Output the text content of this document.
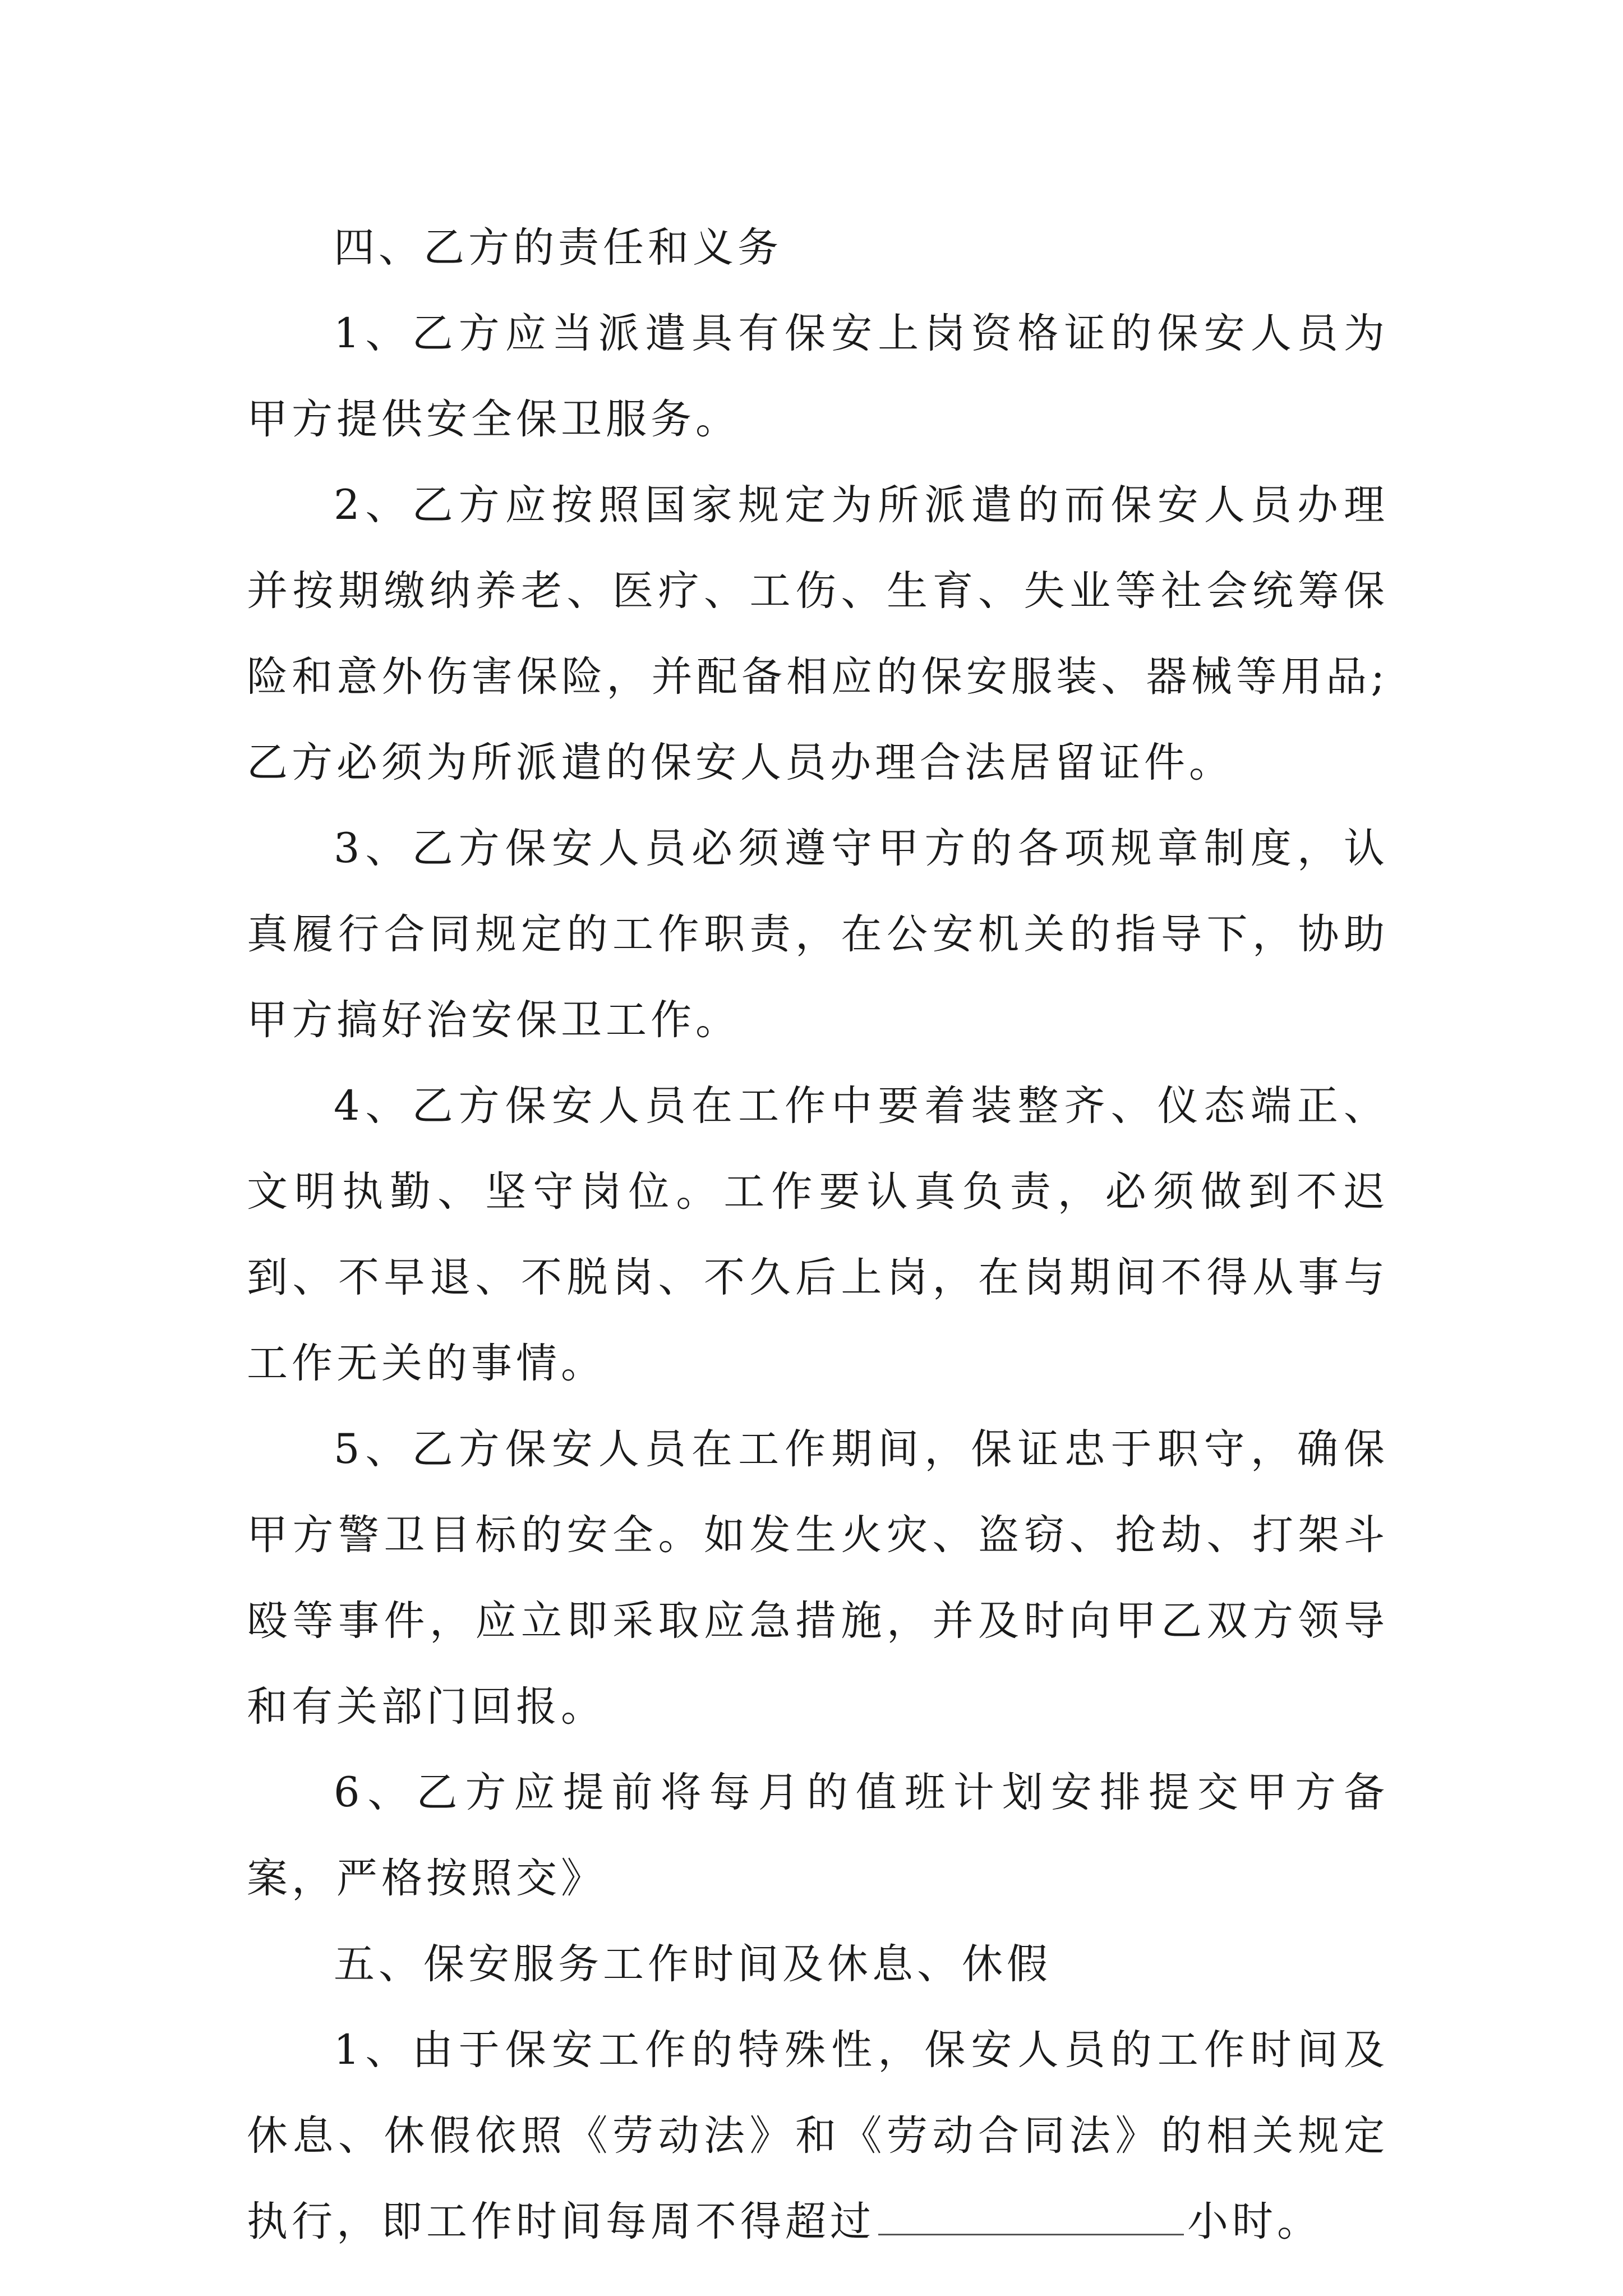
四、乙方的责任和义务

1、乙方应当派遣具有保安上岗资格证的保安人员为甲方提供安全保卫服务。

2、乙方应按照国家规定为所派遣的而保安人员办理并按期缴纳养老、医疗、工伤、生育、失业等社会统筹保险和意外伤害保险，并配备相应的保安服装、器械等用品;乙方必须为所派遣的保安人员办理合法居留证件。

3、乙方保安人员必须遵守甲方的各项规章制度，认真履行合同规定的工作职责，在公安机关的指导下，协助甲方搞好治安保卫工作。

4、乙方保安人员在工作中要着装整齐、仪态端正、文明执勤、坚守岗位。工作要认真负责，必须做到不迟到、不早退、不脱岗、不久后上岗，在岗期间不得从事与工作无关的事情。

5、乙方保安人员在工作期间，保证忠于职守，确保甲方警卫目标的安全。如发生火灾、盗窃、抢劫、打架斗殴等事件，应立即采取应急措施，并及时向甲乙双方领导和有关部门回报。

6、乙方应提前将每月的值班计划安排提交甲方备案，严格按照交》

五、保安服务工作时间及休息、休假

1、由于保安工作的特殊性，保安人员的工作时间及休息、休假依照《劳动法》和《劳动合同法》的相关规定执行，即工作时间每周不得超过	小时。
